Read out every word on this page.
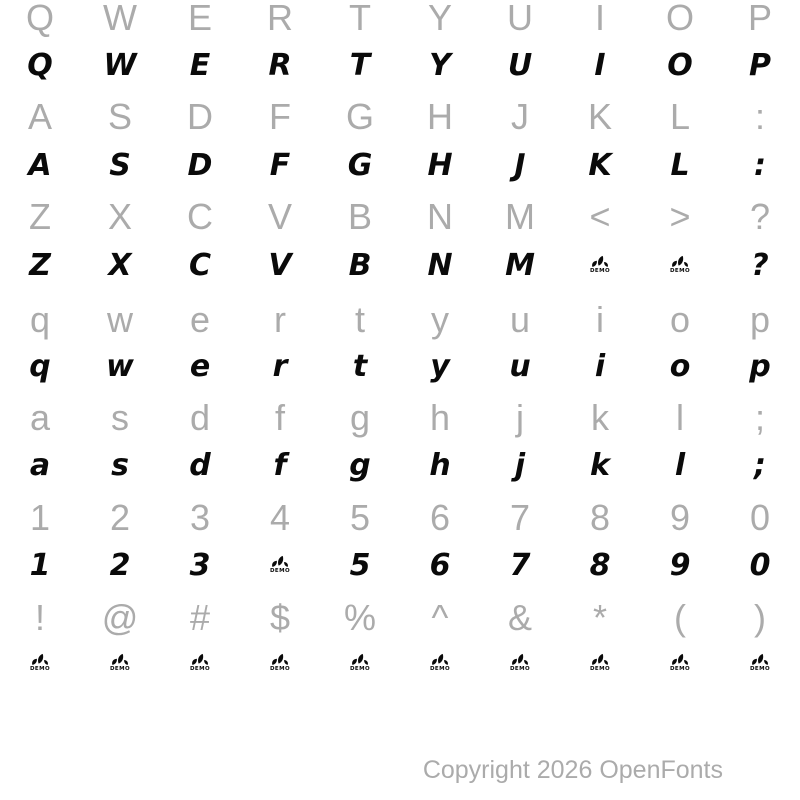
Q	W	E	R	T	Y	U	I	O	P
Q	W	E	R	T	Y	U	I	O	P
A	S	D	F	G	H	J	K	L	:
A	S	D	F	G	H	J	K	L	:
Z	X	C	V	B	N	M	<	>	?
Z	X	C	V	B	N	M	DEMO	DEMO	?
q	w	e	r	t	y	u	i	o	p
q	w	e	r	t	y	u	i	o	p
a	s	d	f	g	h	j	k	l	;
a	s	d	f	g	h	j	k	l	;
1	2	3	4	5	6	7	8	9	0
1	2	3	DEMO	5	6	7	8	9	0
!	@	#	$	%	^	&	*	(	)
DEMO	DEMO	DEMO	DEMO	DEMO	DEMO	DEMO	DEMO	DEMO	DEMO
Copyright 2026 OpenFonts
